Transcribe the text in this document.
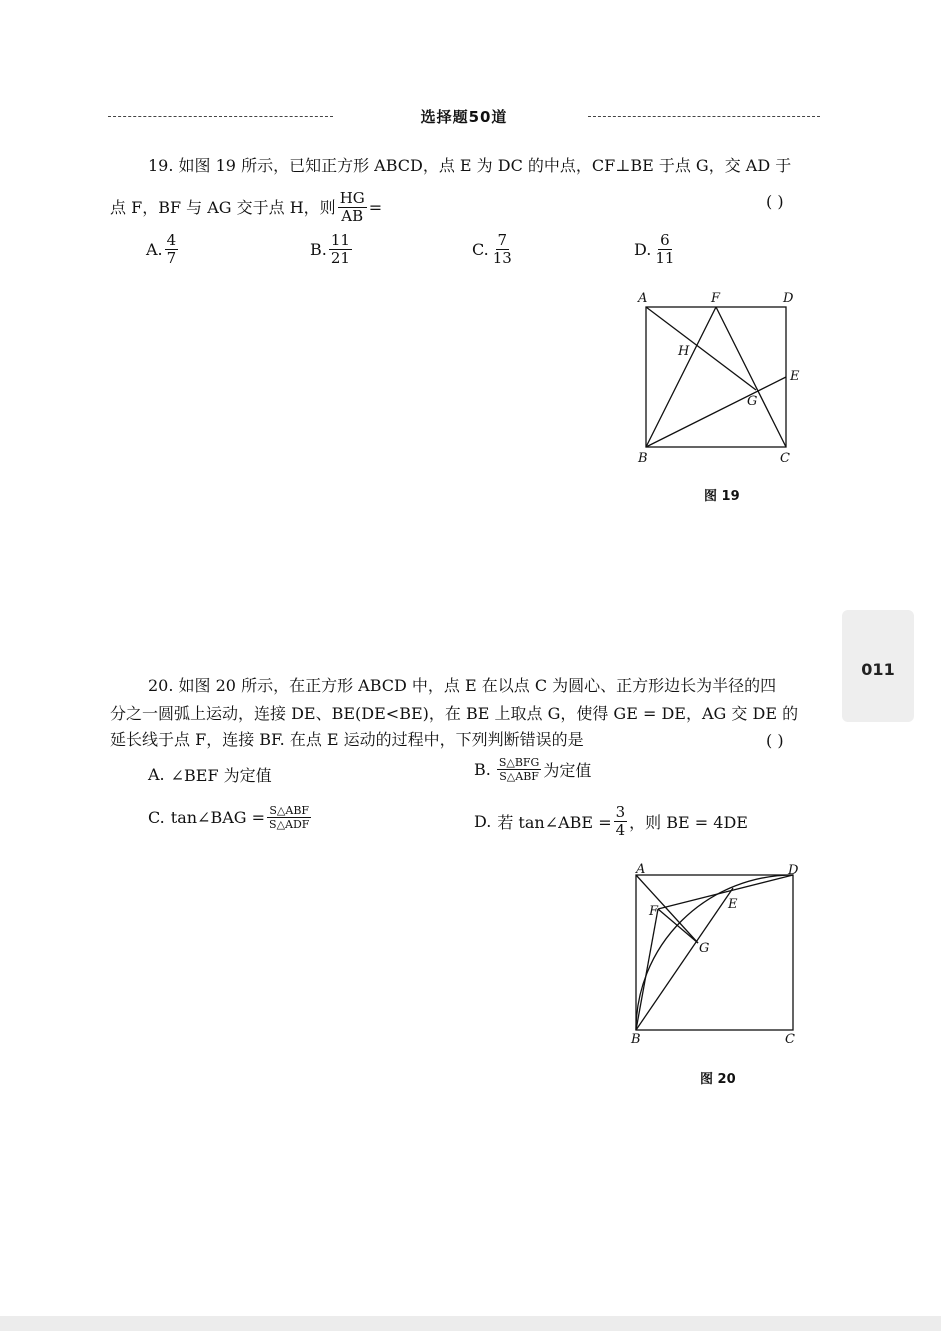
选择题50道
19. 如图 19 所示，已知正方形 ABCD，点 E 为 DC 的中点，CF⊥BE 于点 G，交 AD 于
点 F，BF 与 AG 交于点 H，则 $\frac{HG}{AB}$ =	( )
A. $\frac{4}{7}$	B. $\frac{11}{21}$	C. $\frac{7}{13}$	D. $\frac{6}{11}$
A	F	D
H
E
G
B	C
图 19
011
20. 如图 20 所示，在正方形 ABCD 中，点 E 在以点 C 为圆心、正方形边长为半径的四
分之一圆弧上运动，连接 DE、BE(DE<BE)，在 BE 上取点 G，使得 GE = DE，AG 交 DE 的
延长线于点 F，连接 BF. 在点 E 运动的过程中，下列判断错误的是	( )
A. ∠BEF 为定值	B. $\frac{\text{S△BFG}}{\text{S△ABF}}$ 为定值
C. tan∠BAG = $\frac{\text{S△ABF}}{\text{S△ADF}}$	D. 若 tan∠ABE = $\frac{3}{4}$ ，则 BE = 4DE
A	D
F	E
G
B	C
图 20
